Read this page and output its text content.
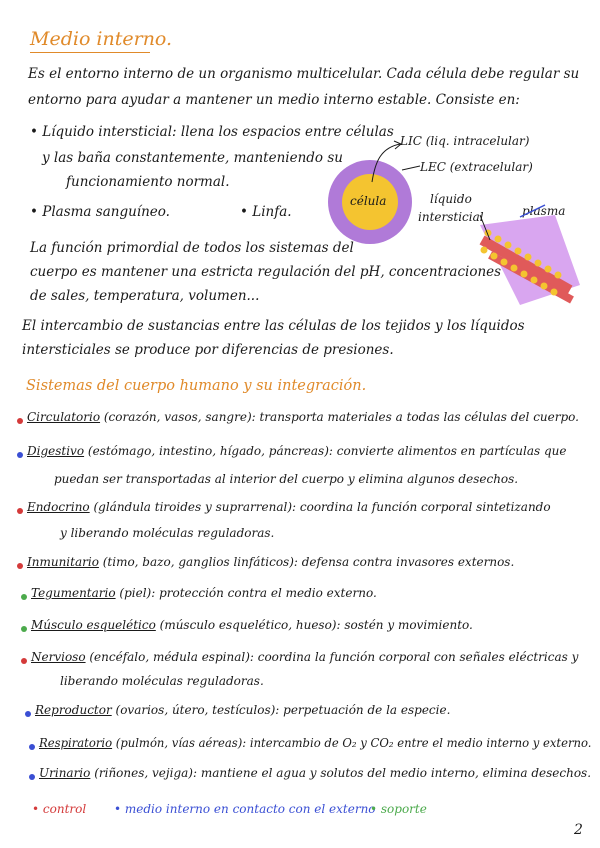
Medio interno.
Es el entorno interno de un organismo multicelular. Cada célula debe regular su
entorno para ayudar a mantener un medio interno estable. Consiste en:
• Líquido intersticial: llena los espacios entre células
y las baña constantemente, manteniendo su
funcionamiento normal.
• Plasma sanguíneo.	• Linfa.
célula
LIC (liq. intracelular)
LEC (extracelular)
líquido
intersticial	plasma
La función primordial de todos los sistemas del
cuerpo es mantener una estricta regulación del pH, concentraciones
de sales, temperatura, volumen...
El intercambio de sustancias entre las células de los tejidos y los líquidos
intersticiales se produce por diferencias de presiones.
Sistemas del cuerpo humano y su integración.
Circulatorio (corazón, vasos, sangre): transporta materiales a todas las células del cuerpo.
Digestivo (estómago, intestino, hígado, páncreas): convierte alimentos en partículas que
puedan ser transportadas al interior del cuerpo y elimina algunos desechos.
Endocrino (glándula tiroides y suprarrenal): coordina la función corporal sintetizando
y liberando moléculas reguladoras.
Inmunitario (timo, bazo, ganglios linfáticos): defensa contra invasores externos.
Tegumentario (piel): protección contra el medio externo.
Músculo esquelético (músculo esquelético, hueso): sostén y movimiento.
Nervioso (encéfalo, médula espinal): coordina la función corporal con señales eléctricas y
liberando moléculas reguladoras.
Reproductor (ovarios, útero, testículos): perpetuación de la especie.
Respiratorio (pulmón, vías aéreas): intercambio de O₂ y CO₂ entre el medio interno y externo.
Urinario (riñones, vejiga): mantiene el agua y solutos del medio interno, elimina desechos.
• control • medio interno en contacto con el externo
• soporte
2
